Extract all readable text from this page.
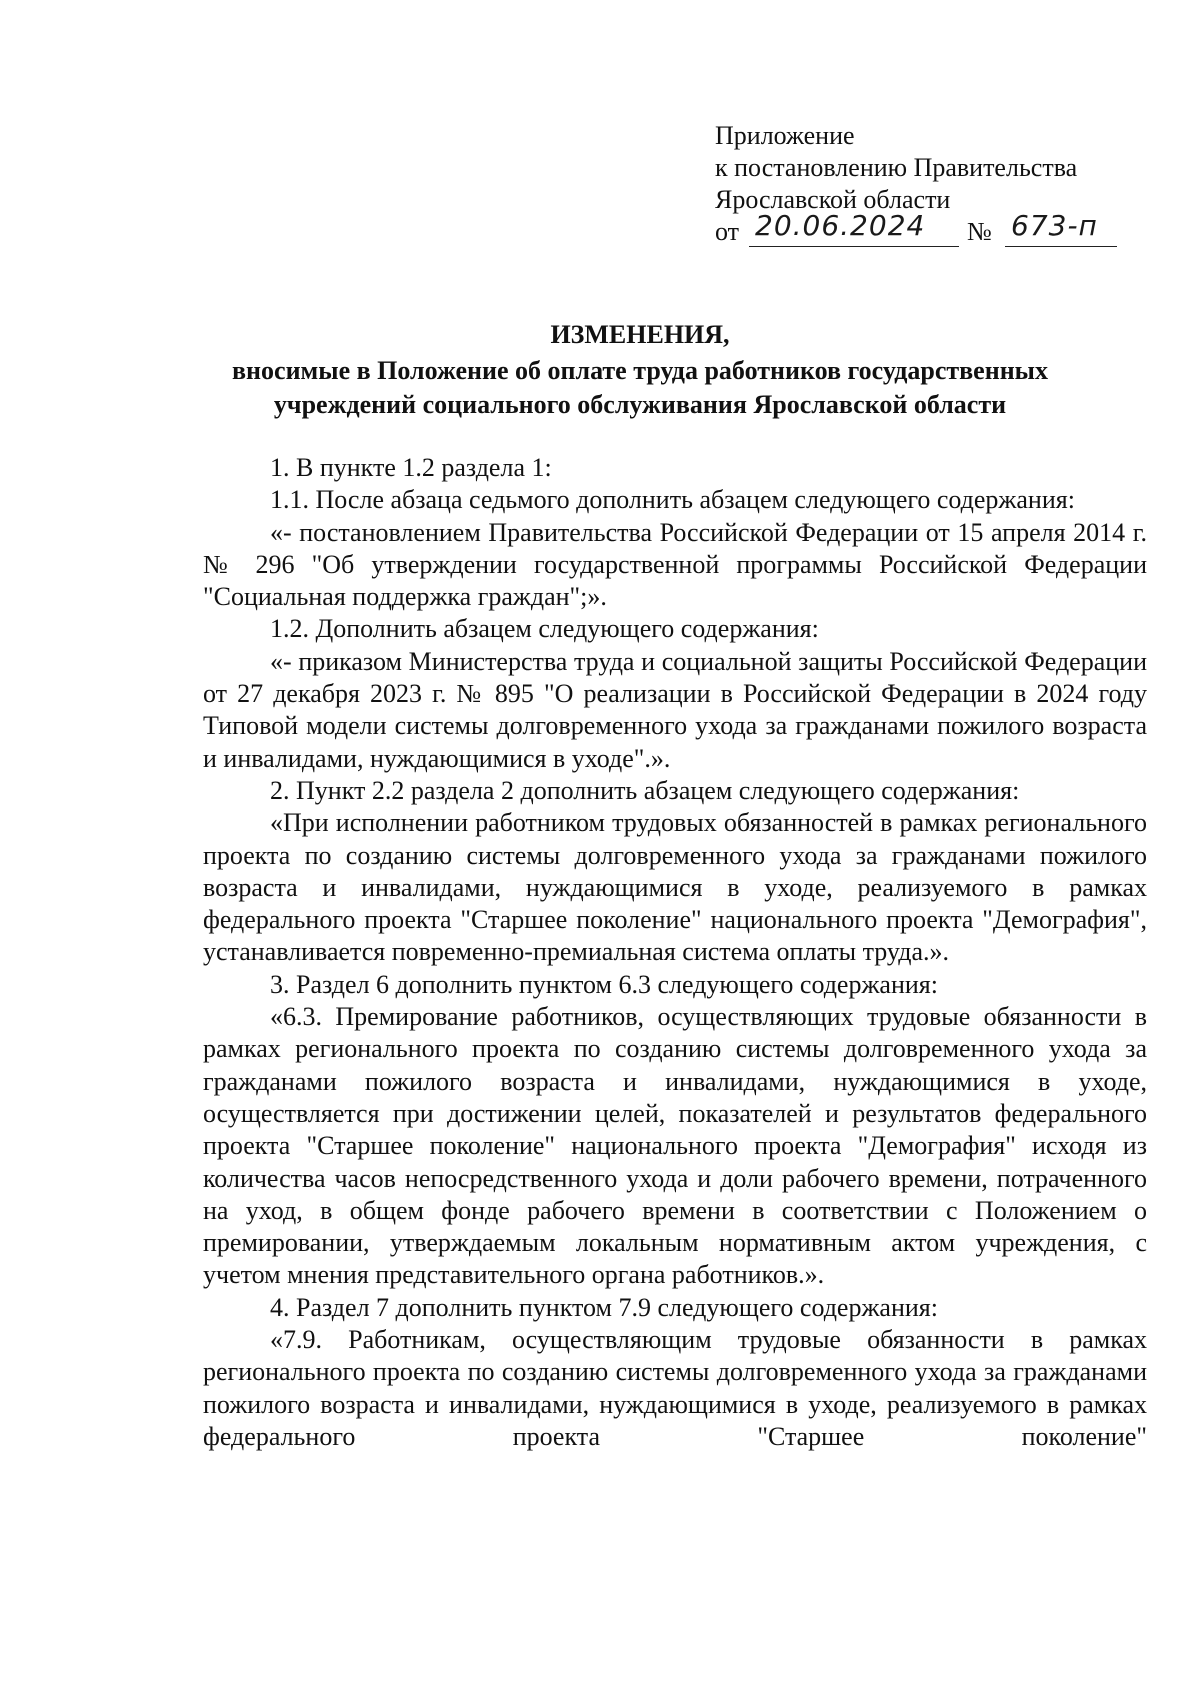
Приложение
к постановлению Правительства
Ярославской области
от 20.06.2024 № 673-п
ИЗМЕНЕНИЯ,
вносимые в Положение об оплате труда работников государственных
учреждений социального обслуживания Ярославской области

1. В пункте 1.2 раздела 1:

1.1. После абзаца седьмого дополнить абзацем следующего содержания:

«- постановлением Правительства Российской Федерации от 15 апреля 2014 г. № 296 "Об утверждении государственной программы Российской Федерации "Социальная поддержка граждан";».

1.2. Дополнить абзацем следующего содержания:

«- приказом Министерства труда и социальной защиты Российской Федерации от 27 декабря 2023 г. № 895 "О реализации в Российской Федерации в 2024 году Типовой модели системы долговременного ухода за гражданами пожилого возраста и инвалидами, нуждающимися в уходе".».

2. Пункт 2.2 раздела 2 дополнить абзацем следующего содержания:

«При исполнении работником трудовых обязанностей в рамках регионального проекта по созданию системы долговременного ухода за гражданами пожилого возраста и инвалидами, нуждающимися в уходе, реализуемого в рамках федерального проекта "Старшее поколение" национального проекта "Демография", устанавливается повременно-премиальная система оплаты труда.».

3. Раздел 6 дополнить пунктом 6.3 следующего содержания:

«6.3. Премирование работников, осуществляющих трудовые обязанности в рамках регионального проекта по созданию системы долговременного ухода за гражданами пожилого возраста и инвалидами, нуждающимися в уходе, осуществляется при достижении целей, показателей и результатов федерального проекта "Старшее поколение" национального проекта "Демография" исходя из количества часов непосредственного ухода и доли рабочего времени, потраченного на уход, в общем фонде рабочего времени в соответствии с Положением о премировании, утверждаемым локальным нормативным актом учреждения, с учетом мнения представительного органа работников.».

4. Раздел 7 дополнить пунктом 7.9 следующего содержания:

«7.9. Работникам, осуществляющим трудовые обязанности в рамках регионального проекта по созданию системы долговременного ухода за гражданами пожилого возраста и инвалидами, нуждающимися в уходе, реализуемого в рамках федерального проекта "Старшее поколение"
